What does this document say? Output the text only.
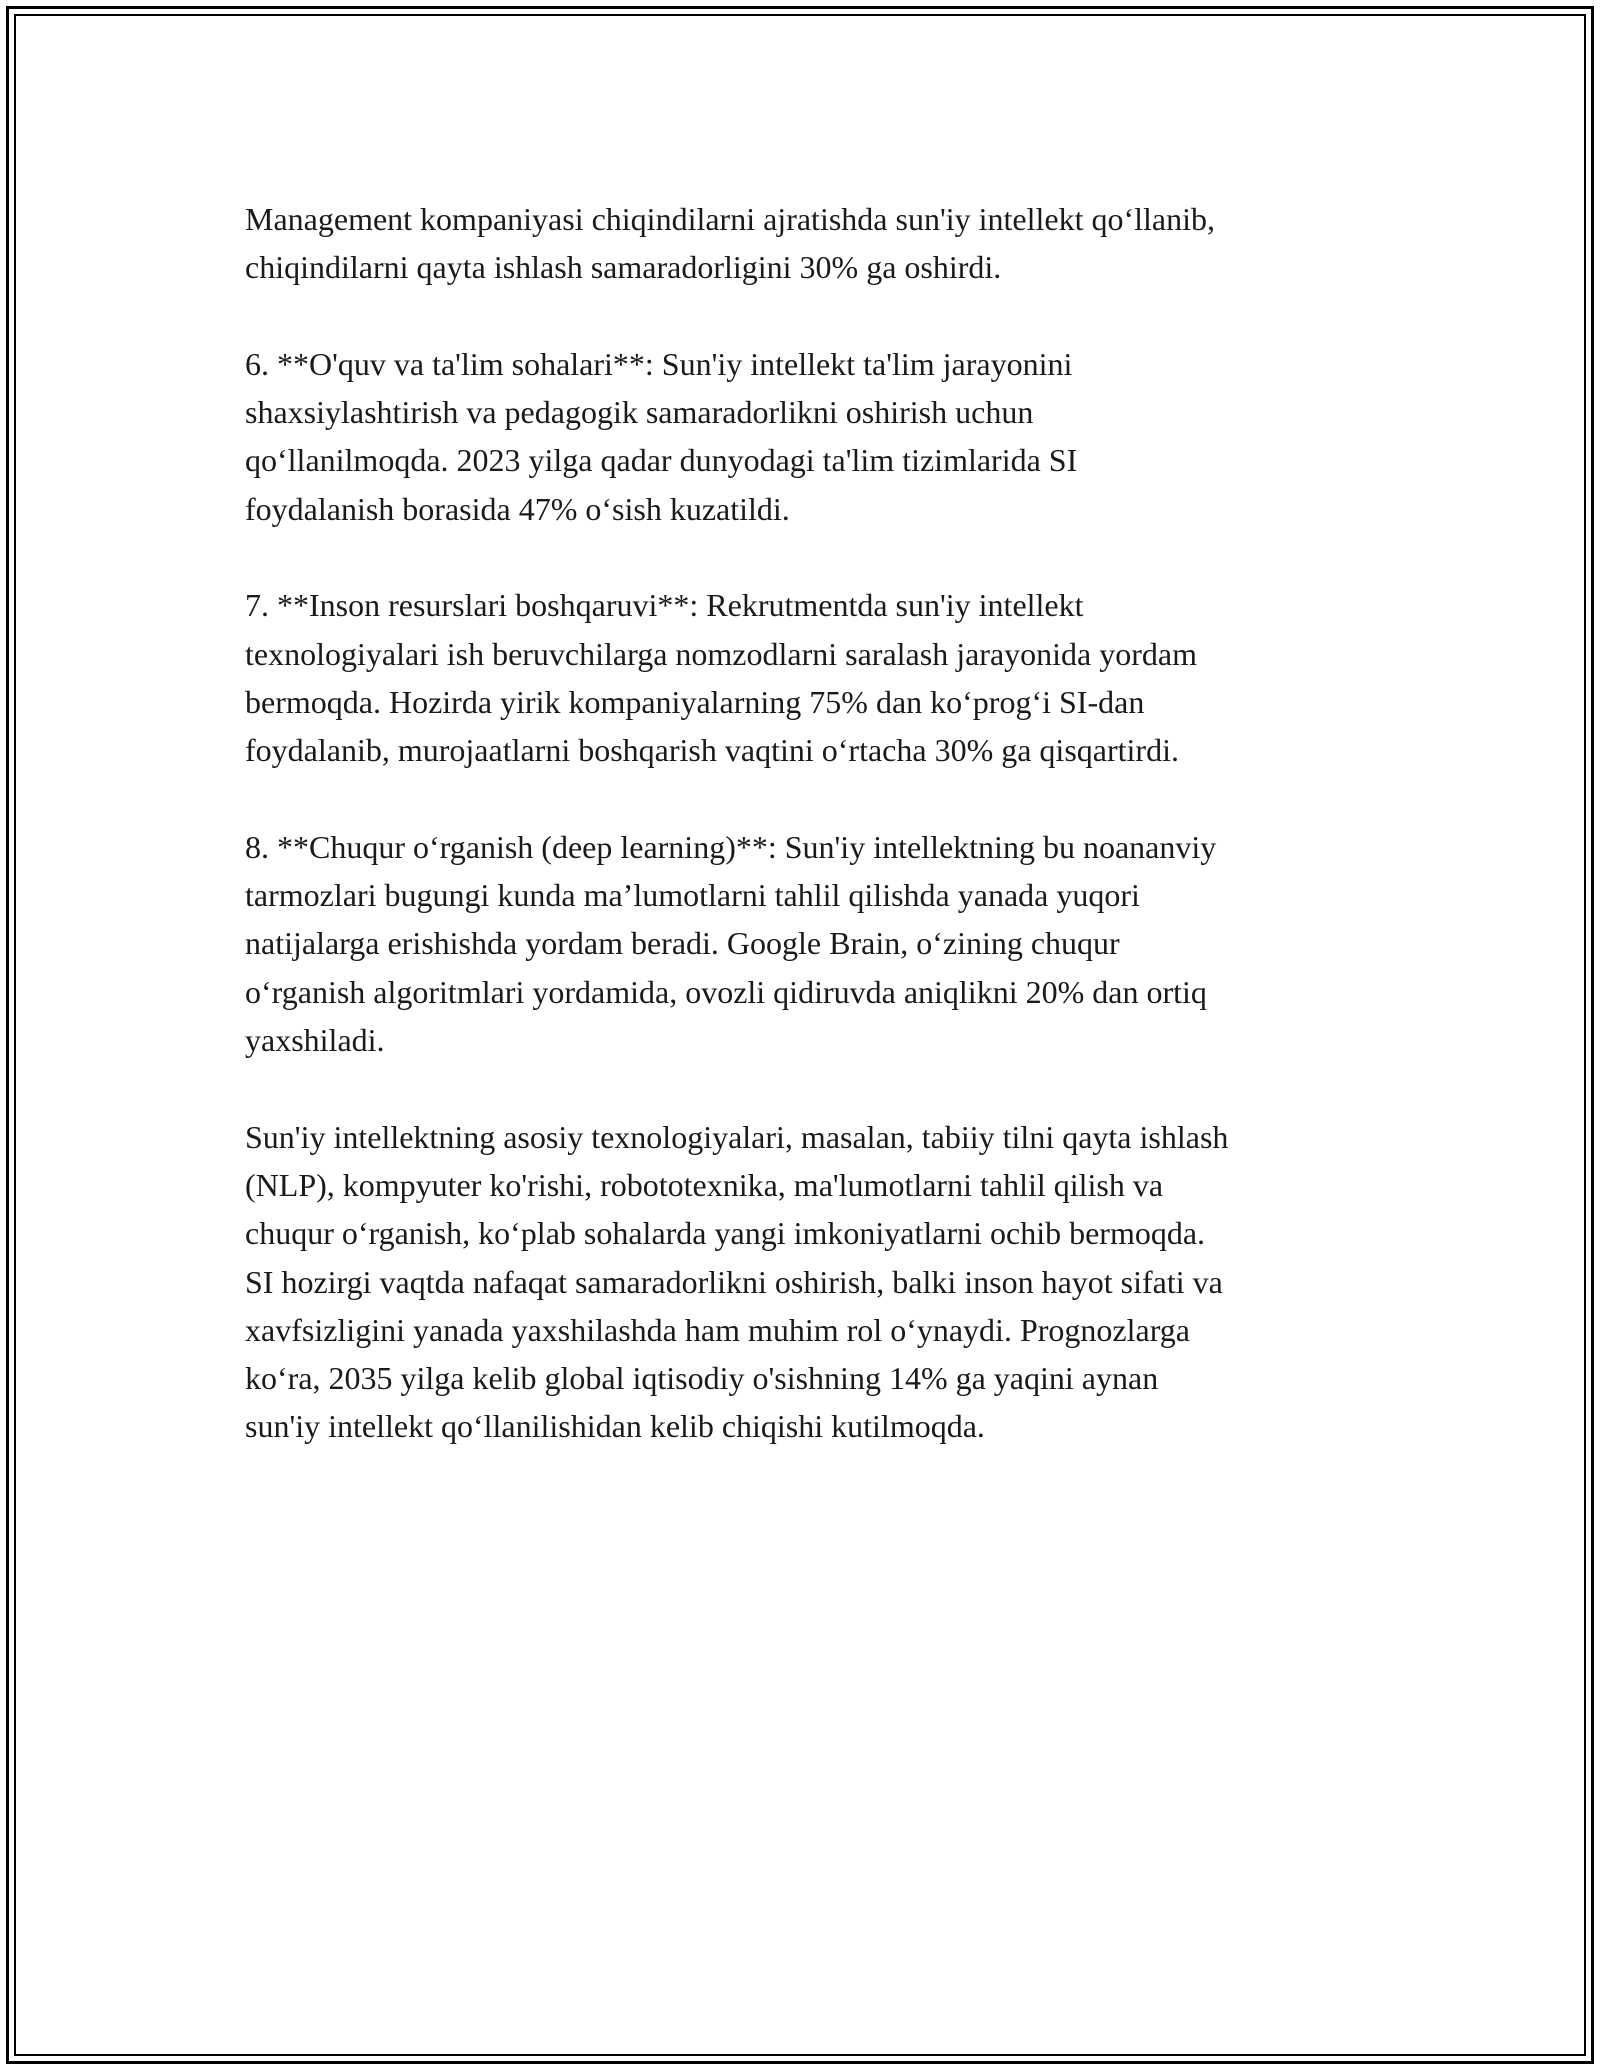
Management kompaniyasi chiqindilarni ajratishda sun'iy intellekt qo‘llanib,
chiqindilarni qayta ishlash samaradorligini 30% ga oshirdi.

6. **O'quv va ta'lim sohalari**: Sun'iy intellekt ta'lim jarayonini
shaxsiylashtirish va pedagogik samaradorlikni oshirish uchun
qo‘llanilmoqda. 2023 yilga qadar dunyodagi ta'lim tizimlarida SI
foydalanish borasida 47% o‘sish kuzatildi.

7. **Inson resurslari boshqaruvi**: Rekrutmentda sun'iy intellekt
texnologiyalari ish beruvchilarga nomzodlarni saralash jarayonida yordam
bermoqda. Hozirda yirik kompaniyalarning 75% dan ko‘prog‘i SI-dan
foydalanib, murojaatlarni boshqarish vaqtini o‘rtacha 30% ga qisqartirdi.

8. **Chuqur o‘rganish (deep learning)**: Sun'iy intellektning bu noananviy
tarmozlari bugungi kunda ma’lumotlarni tahlil qilishda yanada yuqori
natijalarga erishishda yordam beradi. Google Brain, o‘zining chuqur
o‘rganish algoritmlari yordamida, ovozli qidiruvda aniqlikni 20% dan ortiq
yaxshiladi.

Sun'iy intellektning asosiy texnologiyalari, masalan, tabiiy tilni qayta ishlash
(NLP), kompyuter ko'rishi, robototexnika, ma'lumotlarni tahlil qilish va
chuqur o‘rganish, ko‘plab sohalarda yangi imkoniyatlarni ochib bermoqda.
SI hozirgi vaqtda nafaqat samaradorlikni oshirish, balki inson hayot sifati va
xavfsizligini yanada yaxshilashda ham muhim rol o‘ynaydi. Prognozlarga
ko‘ra, 2035 yilga kelib global iqtisodiy o'sishning 14% ga yaqini aynan
sun'iy intellekt qo‘llanilishidan kelib chiqishi kutilmoqda.
